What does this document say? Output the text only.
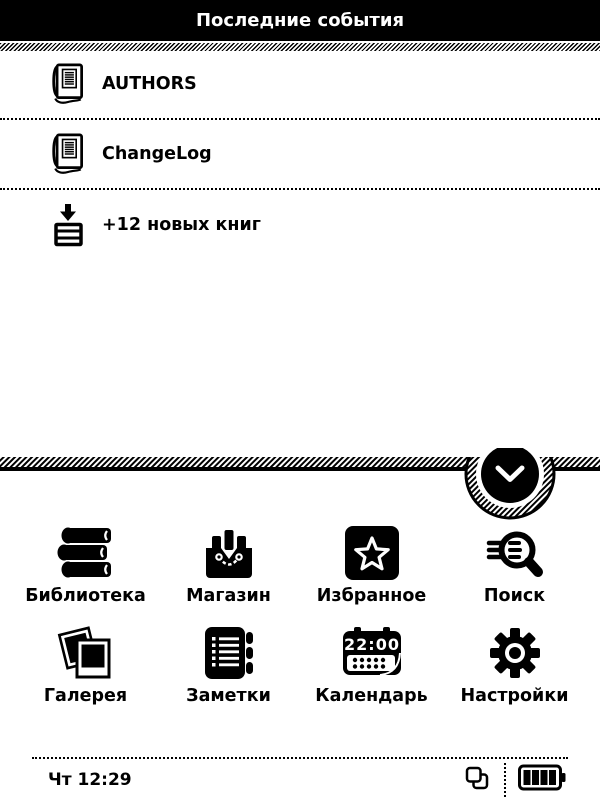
Последние события
AUTHORS
ChangeLog
+12 новых книг
Библиотека Магазин	Избранное	Поиск
Галерея	Заметки
22:00
Календарь Настройки
Чт 12:29
